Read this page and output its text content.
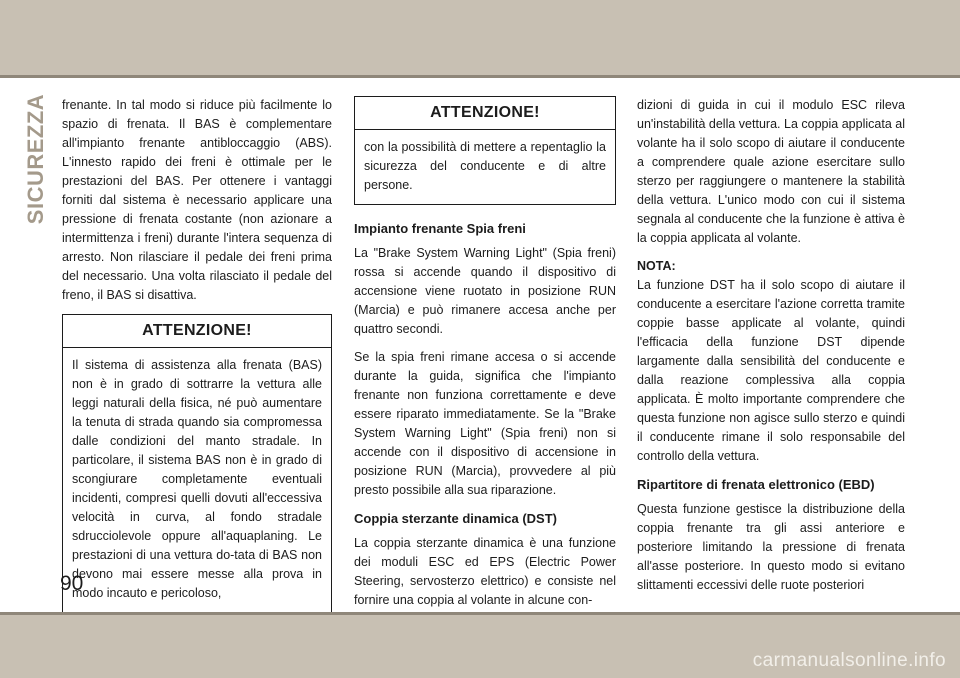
SICUREZZA frenante. In tal modo si riduce più facilmente lo spazio di frenata. Il BAS è complementare all'impianto frenante antibloccaggio (ABS). L'innesto rapido dei freni è ottimale per le prestazioni del BAS. Per ottenere i vantaggi forniti dal sistema è necessario applicare una pressione di frenata costante (non azionare a intermittenza i freni) durante l'intera sequenza di arresto. Non rilasciare il pedale dei freni prima del necessario. Una volta rilasciato il pedale del freno, il BAS si disattiva.

ATTENZIONE!
Il sistema di assistenza alla frenata (BAS) non è in grado di sottrarre la vettura alle leggi naturali della fisica, né può aumentare la tenuta di strada quando sia compromessa dalle condizioni del manto stradale. In particolare, il sistema BAS non è in grado di scongiurare completamente eventuali incidenti, compresi quelli dovuti all'eccessiva velocità in curva, al fondo stradale sdrucciolevole oppure all'aquaplaning. Le prestazioni di una vettura do-tata di BAS non devono mai essere messe alla prova in modo incauto e pericoloso,
ATTENZIONE!
con la possibilità di mettere a repentaglio la sicurezza del conducente e di altre persone.
Impianto frenante Spia freni

La "Brake System Warning Light" (Spia freni) rossa si accende quando il dispositivo di accensione viene ruotato in posizione RUN (Marcia) e può rimanere accesa anche per quattro secondi.

Se la spia freni rimane accesa o si accende durante la guida, significa che l'impianto frenante non funziona correttamente e deve essere riparato immediatamente. Se la "Brake System Warning Light" (Spia freni) non si accende con il dispositivo di accensione in posizione RUN (Marcia), provvedere al più presto possibile alla sua riparazione.

Coppia sterzante dinamica (DST)

La coppia sterzante dinamica è una funzione dei moduli ESC ed EPS (Electric Power Steering, servosterzo elettrico) e consiste nel fornire una coppia al volante in alcune con-

dizioni di guida in cui il modulo ESC rileva un'instabilità della vettura. La coppia applicata al volante ha il solo scopo di aiutare il conducente a comprendere quale azione esercitare sullo sterzo per raggiungere o mantenere la stabilità della vettura. L'unico modo con cui il sistema segnala al conducente che la funzione è attiva è la coppia applicata al volante.

NOTA:

La funzione DST ha il solo scopo di aiutare il conducente a esercitare l'azione corretta tramite coppie basse applicate al volante, quindi l'efficacia della funzione DST dipende largamente dalla sensibilità del conducente e dalla reazione complessiva alla coppia applicata. È molto importante comprendere che questa funzione non agisce sullo sterzo e quindi il conducente rimane il solo responsabile del controllo della vettura.

Ripartitore di frenata elettronico (EBD)

Questa funzione gestisce la distribuzione della coppia frenante tra gli assi anteriore e posteriore limitando la pressione di frenata all'asse posteriore. In questo modo si evitano slittamenti eccessivi delle ruote posteriori

90
carmanualsonline.info
